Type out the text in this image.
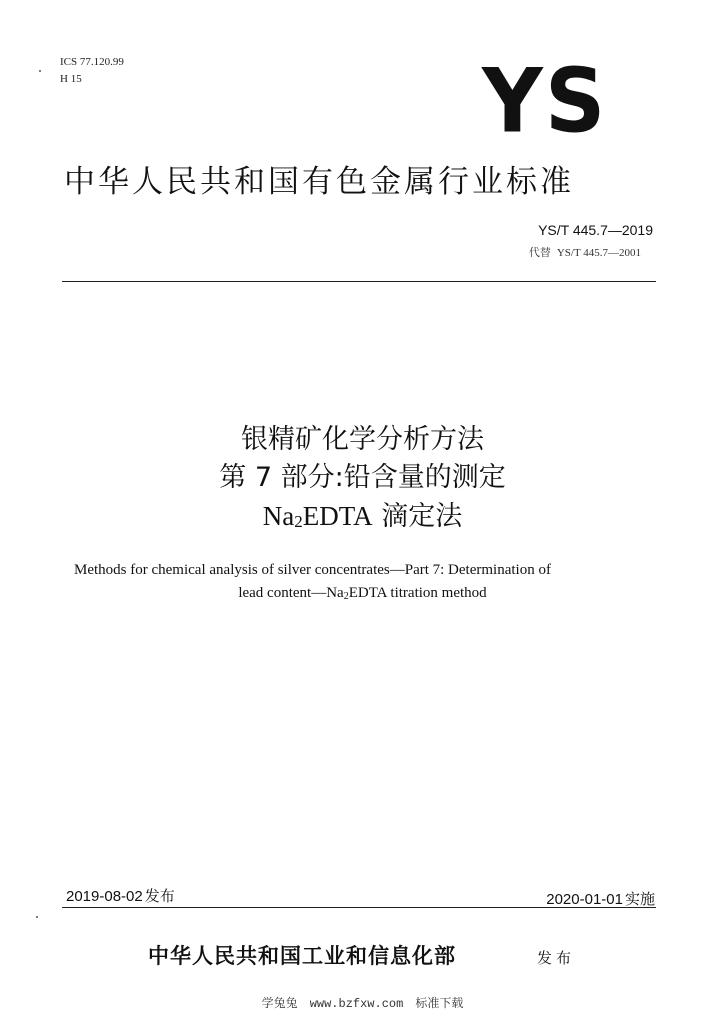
ICS 77.120.99
H 15	YS
中华人民共和国有色金属行业标准
YS/T 445.7—2019
代替 YS/T 445.7—2001
银精矿化学分析方法
第 7 部分:铅含量的测定
$Na_2EDTA$ 滴定法
Methods for chemical analysis of silver concentrates—Part 7: Determination of
lead $content—Na_2EDTA$ titration method
2019-08-02 发布	2020-01-01 实施
中华人民共和国工业和信息化部	发布
学兔兔 www.bzfxw.com 标准下载
